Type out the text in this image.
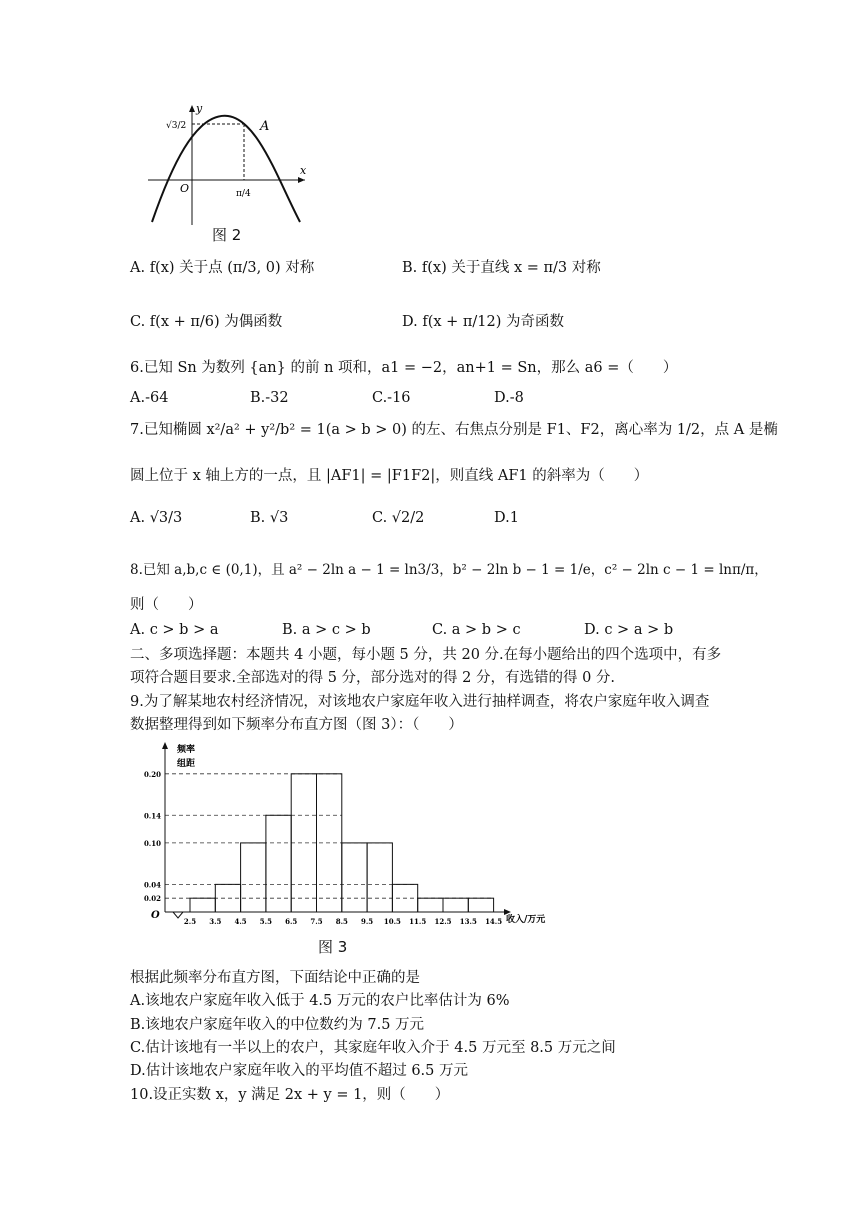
y
x
O
A
√3/2
π/4
图 2
A. f(x) 关于点 (π/3, 0) 对称	B. f(x) 关于直线 x = π/3 对称
C. f(x + π/6) 为偶函数	D. f(x + π/12) 为奇函数
6.已知 Sn 为数列 {an} 的前 n 项和，a1 = −2，an+1 = Sn，那么 a6 =（　　）
A.-64	B.-32	C.-16	D.-8
7.已知椭圆 x²/a² + y²/b² = 1(a > b > 0) 的左、右焦点分别是 F1、F2，离心率为 1/2，点 A 是椭
圆上位于 x 轴上方的一点，且 |AF1| = |F1F2|，则直线 AF1 的斜率为（　　）
A. √3/3	B. √3	C. √2/2	D.1
8.已知 a,b,c ∈ (0,1)，且 a² − 2ln a − 1 = ln3/3，b² − 2ln b − 1 = 1/e，c² − 2ln c − 1 = lnπ/π，
则（　　）
A. c > b > a	B. a > c > b	C. a > b > c	D. c > a > b
二、多项选择题：本题共 4 小题，每小题 5 分，共 20 分.在每小题给出的四个选项中，有多
项符合题目要求.全部选对的得 5 分，部分选对的得 2 分，有选错的得 0 分.
9.为了解某地农村经济情况，对该地农户家庭年收入进行抽样调查，将农户家庭年收入调查
数据整理得到如下频率分布直方图（图 3）：（　　）
2.5 3.5 4.5 5.5 6.5 7.5 8.5 9.5 10.5 11.5 12.5 13.5 14.5
0.02
0.04
0.10
0.14
0.20
频率
组距
O	收入/万元
图 3
根据此频率分布直方图，下面结论中正确的是
A.该地农户家庭年收入低于 4.5 万元的农户比率估计为 6%
B.该地农户家庭年收入的中位数约为 7.5 万元
C.估计该地有一半以上的农户，其家庭年收入介于 4.5 万元至 8.5 万元之间
D.估计该地农户家庭年收入的平均值不超过 6.5 万元
10.设正实数 x，y 满足 2x + y = 1，则（　　）
